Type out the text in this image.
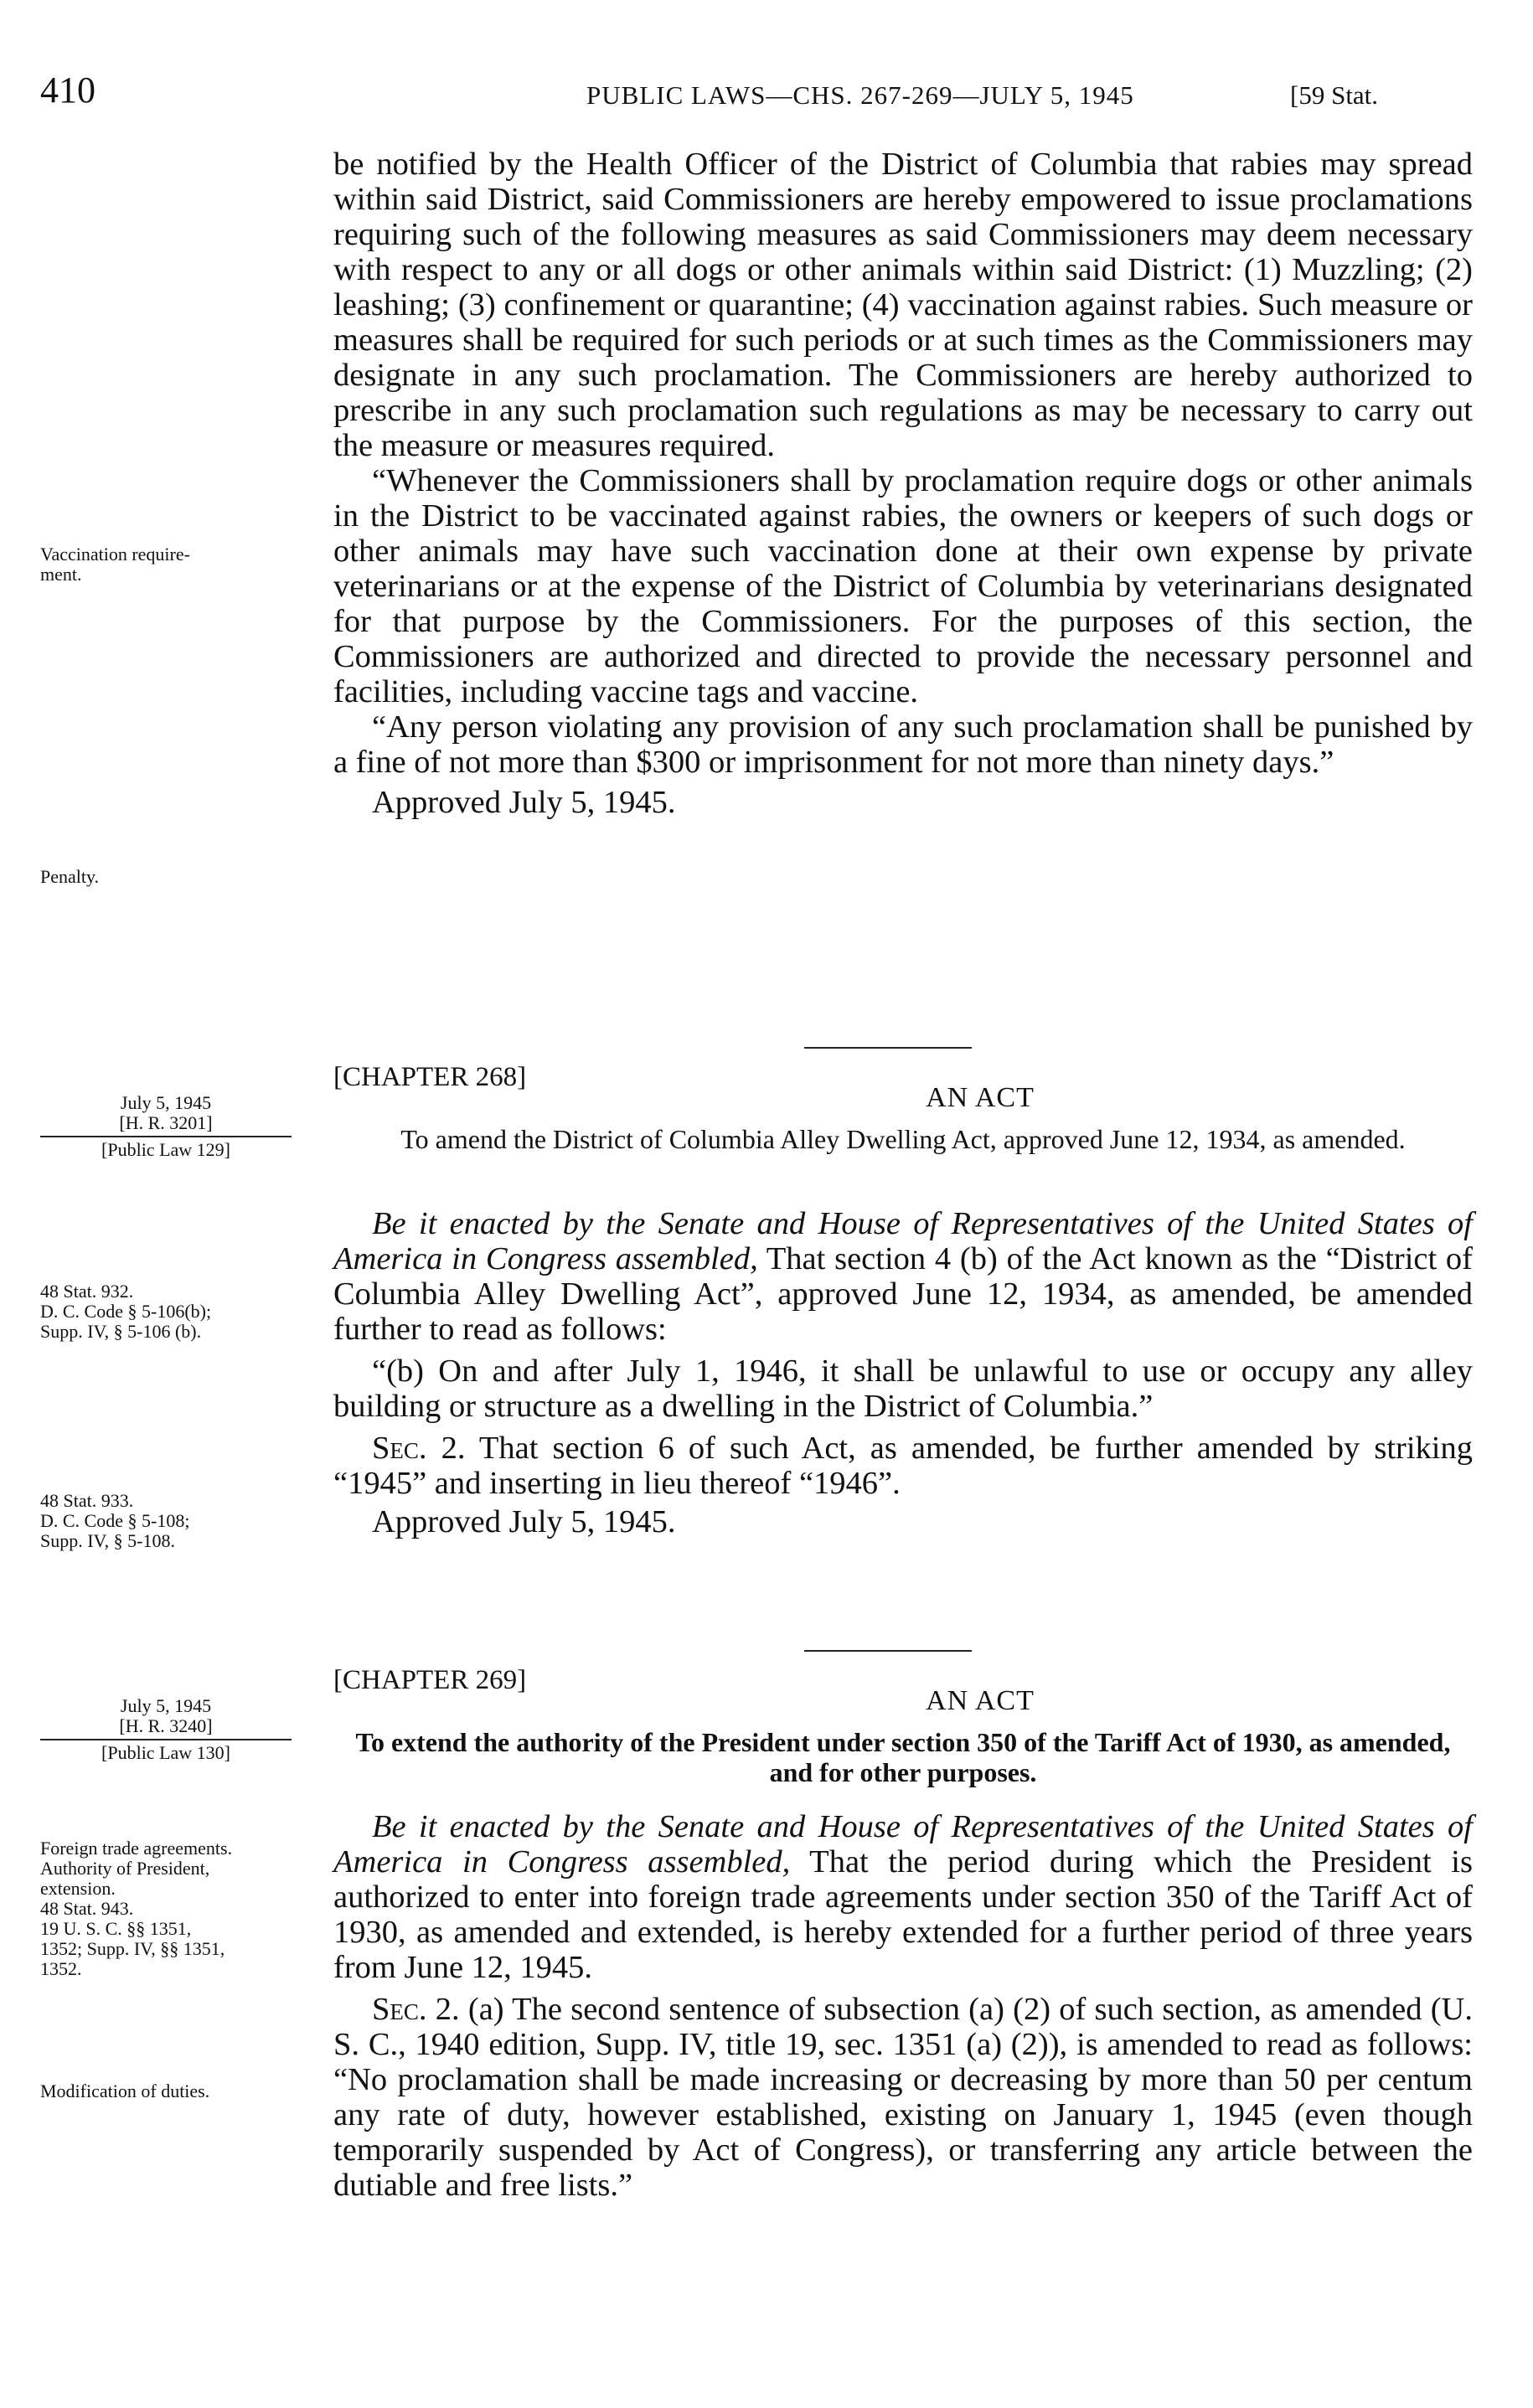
410	PUBLIC LAWS—CHS. 267-269—JULY 5, 1945	[59 Stat.

be notified by the Health Officer of the District of Columbia that rabies may spread within said District, said Commissioners are hereby empowered to issue proclamations requiring such of the following measures as said Commissioners may deem necessary with respect to any or all dogs or other animals within said District: (1) Muzzling; (2) leashing; (3) confinement or quarantine; (4) vaccination against rabies. Such measure or measures shall be required for such periods or at such times as the Commissioners may designate in any such proclamation. The Commissioners are hereby authorized to prescribe in any such proclamation such regulations as may be necessary to carry out the measure or measures required.

“Whenever the Commissioners shall by proclamation require dogs or other animals in the District to be vaccinated against rabies, the owners or keepers of such dogs or other animals may have such vaccination done at their own expense by private veterinarians or at the expense of the District of Columbia by veterinarians designated for that purpose by the Commissioners. For the purposes of this section, the Commissioners are authorized and directed to provide the necessary personnel and facilities, including vaccine tags and vaccine.

“Any person violating any provision of any such proclamation shall be punished by a fine of not more than $300 or imprisonment for not more than ninety days.”

Approved July 5, 1945.

Vaccination require-

ment.

Penalty.

[CHAPTER 268]
AN ACT
To amend the District of Columbia Alley Dwelling Act, approved June 12, 1934, as amended.

July 5, 1945

[H. R. 3201]

[Public Law 129]

Be it enacted by the Senate and House of Representatives of the United States of America in Congress assembled, That section 4 (b) of the Act known as the “District of Columbia Alley Dwelling Act”, approved June 12, 1934, as amended, be amended further to read as follows:

“(b) On and after July 1, 1946, it shall be unlawful to use or occupy any alley building or structure as a dwelling in the District of Columbia.”

Sec. 2. That section 6 of such Act, as amended, be further amended by striking “1945” and inserting in lieu thereof “1946”.

Approved July 5, 1945.

48 Stat. 932.

D. C. Code § 5-106(b);

Supp. IV, § 5-106 (b).

48 Stat. 933.

D. C. Code § 5-108;

Supp. IV, § 5-108.

[CHAPTER 269]
AN ACT
To extend the authority of the President under section 350 of the Tariff Act of 1930, as amended, and for other purposes.

July 5, 1945

[H. R. 3240]

[Public Law 130]

Be it enacted by the Senate and House of Representatives of the United States of America in Congress assembled, That the period during which the President is authorized to enter into foreign trade agreements under section 350 of the Tariff Act of 1930, as amended and extended, is hereby extended for a further period of three years from June 12, 1945.

Sec. 2. (a) The second sentence of subsection (a) (2) of such section, as amended (U. S. C., 1940 edition, Supp. IV, title 19, sec. 1351 (a) (2)), is amended to read as follows: “No proclamation shall be made increasing or decreasing by more than 50 per centum any rate of duty, however established, existing on January 1, 1945 (even though temporarily suspended by Act of Congress), or transferring any article between the dutiable and free lists.”

Foreign trade agreements.

Authority of President, extension.

48 Stat. 943.

19 U. S. C. §§ 1351, 1352; Supp. IV, §§ 1351, 1352.

Modification of duties.
